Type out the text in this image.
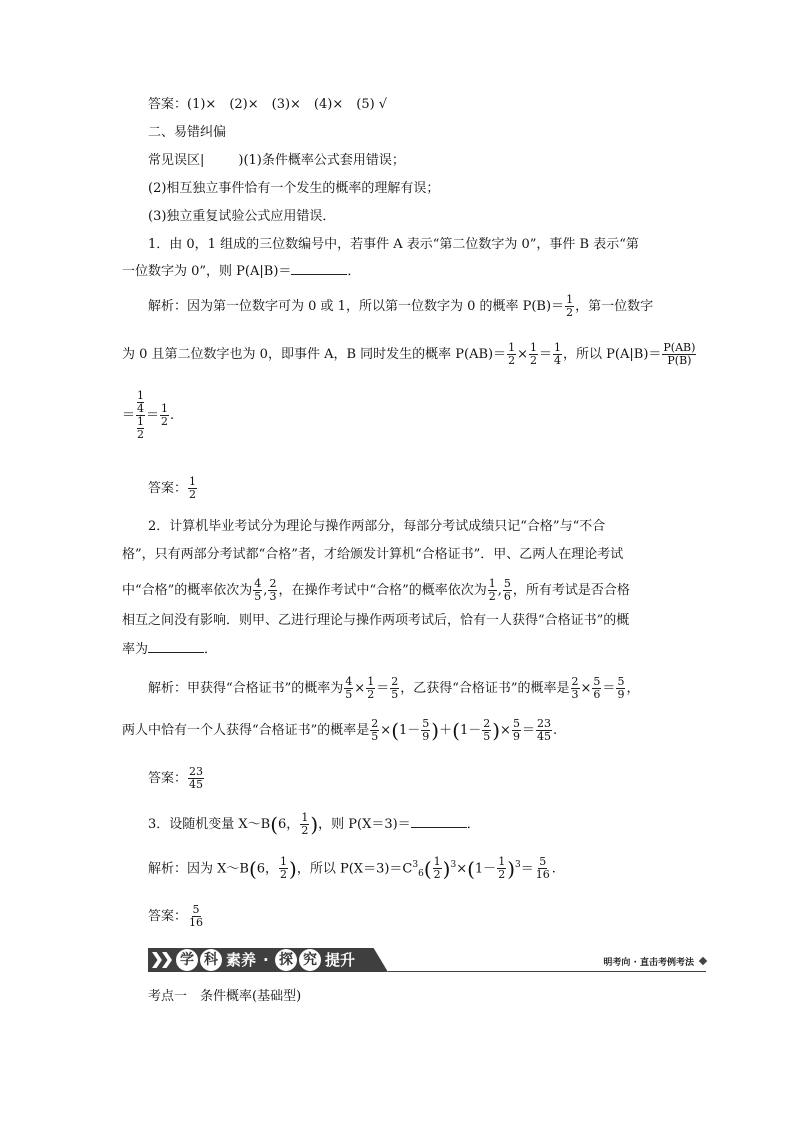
答案：(1)×　(2)×　(3)×　(4)×　(5) √
二、易错纠偏
常见误区|	)(1)条件概率公式套用错误；
(2)相互独立事件恰有一个发生的概率的理解有误；
(3)独立重复试验公式应用错误．
1．由 0，1 组成的三位数编号中，若事件 A 表示“第二位数字为 0”，事件 B 表示“第
一位数字为 0”，则 P(A|B)＝	．
解析：因为第一位数字可为 0 或 1，所以第一位数字为 0 的概率 $P(B)= \frac{1}{2}$ ，第一位数字
为 0 且第二位数字也为 0，即事件 A，B 同时发生的概率 $P(AB)= \frac{1}{2} \times \frac{1}{2} = \frac{1}{4}$ ，所以 $P(A|B)= \frac{P(AB)}{P(B)}$
＝ 1
4
1
$2 = \frac{1}{2}$ .
答案： $\frac{1}{2}$
2．计算机毕业考试分为理论与操作两部分，每部分考试成绩只记“合格”与“不合
格”，只有两部分考试都“合格”者，才给颁发计算机“合格证书”．甲、乙两人在理论考试
中“合格”的概率依次为 $\frac{4}{5}$ , $\frac{2}{3}$ ，在操作考试中“合格”的概率依次为 $\frac{1}{2}$ , $\frac{5}{6}$ ，所有考试是否合格
相互之间没有影响．则甲、乙进行理论与操作两项考试后，恰有一人获得“合格证书”的概
率为	．
解析：甲获得“合格证书”的概率为 $\frac{4}{5} \times \frac{1}{2} = \frac{2}{5}$ ，乙获得“合格证书”的概率是 $\frac{2}{3} \times \frac{5}{6} = \frac{5}{9}$ ，
两人中恰有一个人获得“合格证书”的概率是 $\frac{2}{5} \times(1- \frac{5}{9} )+(1- \frac{2}{5}$ )× $\frac{5}{9} = \frac{23}{45}$ .
答案： $\frac{23}{45}$
3．设随机变量 X～B(6， $\frac{1}{2}$ )，则 P(X＝3)＝	．
解析：因为 X～B(6， $\frac{1}{2}$ )，所以 $P(X=3)=C^3_6( \frac{1}{2} )^3\times(1- \frac{1}{2} )^3= \frac{5}{16}$ .
答案： $\frac{5}{16}$
学 科 素养 · 探 究 提升	明考向 · 直击考例考法
考点一　条件概率(基础型)
